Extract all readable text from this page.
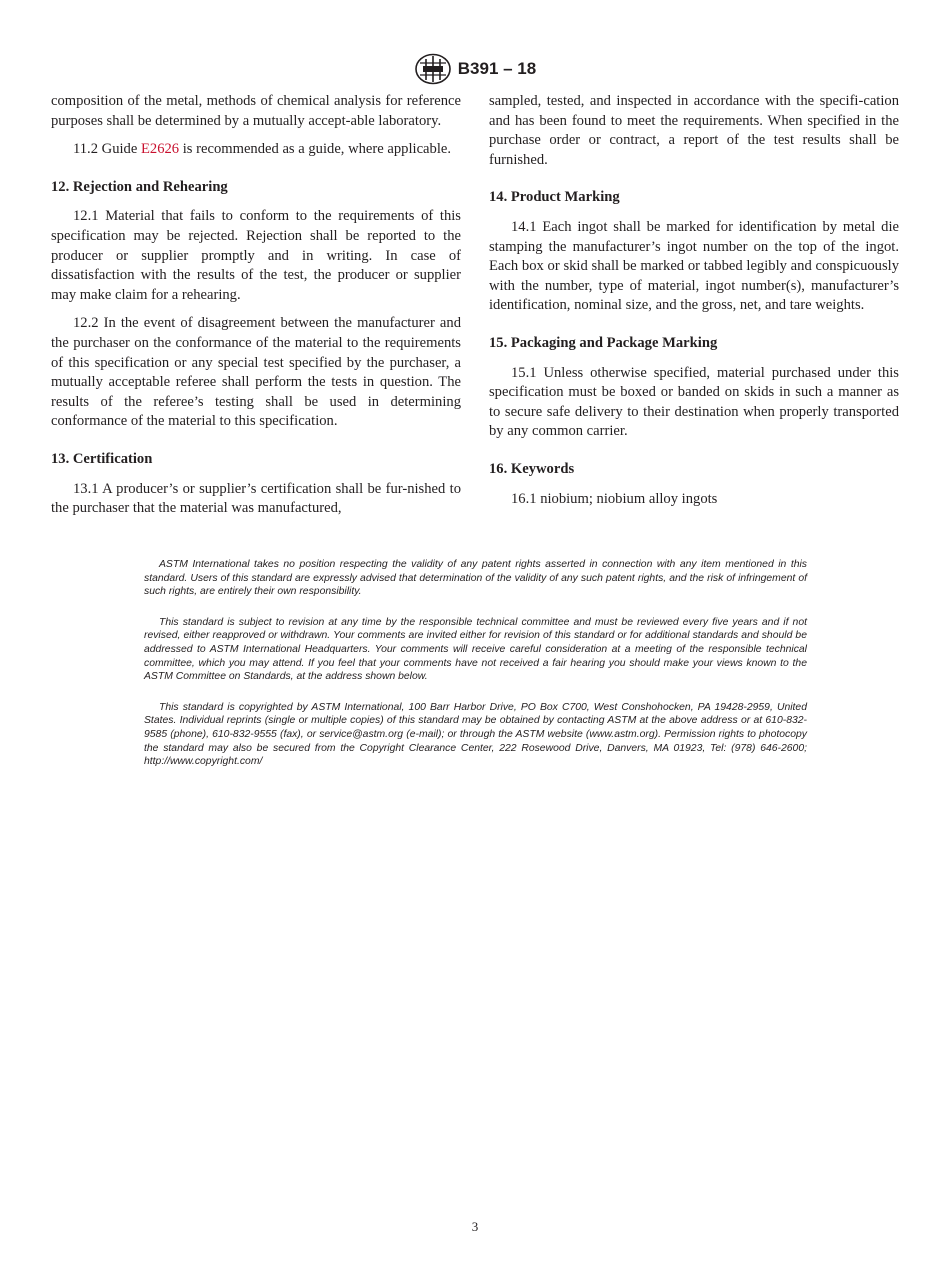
B391 – 18

composition of the metal, methods of chemical analysis for reference purposes shall be determined by a mutually accept-able laboratory.

11.2 Guide E2626 is recommended as a guide, where applicable.

12. Rejection and Rehearing

12.1 Material that fails to conform to the requirements of this specification may be rejected. Rejection shall be reported to the producer or supplier promptly and in writing. In case of dissatisfaction with the results of the test, the producer or supplier may make claim for a rehearing.

12.2 In the event of disagreement between the manufacturer and the purchaser on the conformance of the material to the requirements of this specification or any special test specified by the purchaser, a mutually acceptable referee shall perform the tests in question. The results of the referee’s testing shall be used in determining conformance of the material to this specification.

13. Certification

13.1 A producer’s or supplier’s certification shall be fur-nished to the purchaser that the material was manufactured,

sampled, tested, and inspected in accordance with the specifi-cation and has been found to meet the requirements. When specified in the purchase order or contract, a report of the test results shall be furnished.

14. Product Marking

14.1 Each ingot shall be marked for identification by metal die stamping the manufacturer’s ingot number on the top of the ingot. Each box or skid shall be marked or tabbed legibly and conspicuously with the number, type of material, ingot number(s), manufacturer’s identification, nominal size, and the gross, net, and tare weights.

15. Packaging and Package Marking

15.1 Unless otherwise specified, material purchased under this specification must be boxed or banded on skids in such a manner as to secure safe delivery to their destination when properly transported by any common carrier.

16. Keywords

16.1 niobium; niobium alloy ingots

ASTM International takes no position respecting the validity of any patent rights asserted in connection with any item mentioned in this standard. Users of this standard are expressly advised that determination of the validity of any such patent rights, and the risk of infringement of such rights, are entirely their own responsibility.

This standard is subject to revision at any time by the responsible technical committee and must be reviewed every five years and if not revised, either reapproved or withdrawn. Your comments are invited either for revision of this standard or for additional standards and should be addressed to ASTM International Headquarters. Your comments will receive careful consideration at a meeting of the responsible technical committee, which you may attend. If you feel that your comments have not received a fair hearing you should make your views known to the ASTM Committee on Standards, at the address shown below.

This standard is copyrighted by ASTM International, 100 Barr Harbor Drive, PO Box C700, West Conshohocken, PA 19428-2959, United States. Individual reprints (single or multiple copies) of this standard may be obtained by contacting ASTM at the above address or at 610-832-9585 (phone), 610-832-9555 (fax), or service@astm.org (e-mail); or through the ASTM website (www.astm.org). Permission rights to photocopy the standard may also be secured from the Copyright Clearance Center, 222 Rosewood Drive, Danvers, MA 01923, Tel: (978) 646-2600; http://www.copyright.com/

3
